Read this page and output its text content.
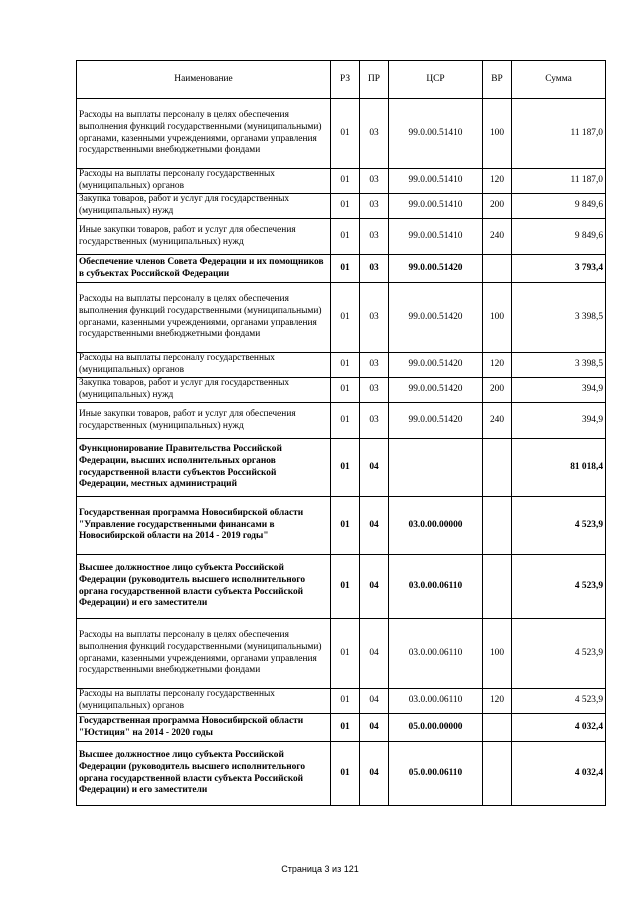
Наименование	РЗ	ПР	ЦСР	ВР	Сумма
Расходы на выплаты персоналу в целях обеспечения выполнения функций государственными (муниципальными) органами, казенными учреждениями, органами управления государственными внебюджетными фондами	01	03	99.0.00.51410	100	11 187,0
Расходы на выплаты персоналу государственных (муниципальных) органов	01	03	99.0.00.51410	120	11 187,0
Закупка товаров, работ и услуг для государственных (муниципальных) нужд	01	03	99.0.00.51410	200	9 849,6
Иные закупки товаров, работ и услуг для обеспечения государственных (муниципальных) нужд	01	03	99.0.00.51410	240	9 849,6
Обеспечение членов Совета Федерации и их помощников в субъектах Российской Федерации	01	03	99.0.00.51420		3 793,4
Расходы на выплаты персоналу в целях обеспечения выполнения функций государственными (муниципальными) органами, казенными учреждениями, органами управления государственными внебюджетными фондами	01	03	99.0.00.51420	100	3 398,5
Расходы на выплаты персоналу государственных (муниципальных) органов	01	03	99.0.00.51420	120	3 398,5
Закупка товаров, работ и услуг для государственных (муниципальных) нужд	01	03	99.0.00.51420	200	394,9
Иные закупки товаров, работ и услуг для обеспечения государственных (муниципальных) нужд	01	03	99.0.00.51420	240	394,9
Функционирование Правительства Российской Федерации, высших исполнительных органов государственной власти субъектов Российской Федерации, местных администраций	01	04			81 018,4
Государственная программа Новосибирской области "Управление государственными финансами в Новосибирской области на 2014 - 2019 годы"	01	04	03.0.00.00000		4 523,9
Высшее должностное лицо субъекта Российской Федерации (руководитель высшего исполнительного органа государственной власти субъекта Российской Федерации) и его заместители	01	04	03.0.00.06110		4 523,9
Расходы на выплаты персоналу в целях обеспечения выполнения функций государственными (муниципальными) органами, казенными учреждениями, органами управления государственными внебюджетными фондами	01	04	03.0.00.06110	100	4 523,9
Расходы на выплаты персоналу государственных (муниципальных) органов	01	04	03.0.00.06110	120	4 523,9
Государственная программа Новосибирской области "Юстиция" на 2014 - 2020 годы	01	04	05.0.00.00000		4 032,4
Высшее должностное лицо субъекта Российской Федерации (руководитель высшего исполнительного органа государственной власти субъекта Российской Федерации) и его заместители	01	04	05.0.00.06110		4 032,4
Страница 3 из 121
